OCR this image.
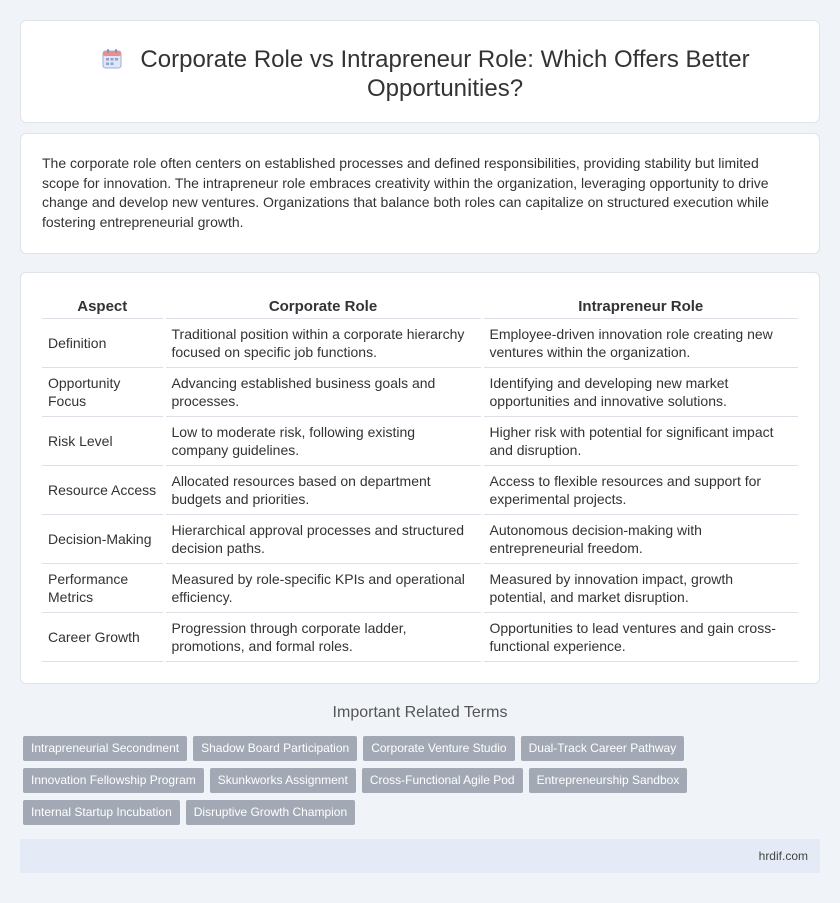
Corporate Role vs Intrapreneur Role: Which Offers Better Opportunities?

The corporate role often centers on established processes and defined responsibilities, providing stability but limited scope for innovation. The intrapreneur role embraces creativity within the organization, leveraging opportunity to drive change and develop new ventures. Organizations that balance both roles can capitalize on structured execution while fostering entrepreneurial growth.

Aspect	Corporate Role	Intrapreneur Role
Definition	Traditional position within a corporate hierarchy focused on specific job functions.	Employee-driven innovation role creating new ventures within the organization.
Opportunity Focus	Advancing established business goals and processes.	Identifying and developing new market opportunities and innovative solutions.
Risk Level	Low to moderate risk, following existing company guidelines.	Higher risk with potential for significant impact and disruption.
Resource Access	Allocated resources based on department budgets and priorities.	Access to flexible resources and support for experimental projects.
Decision-Making	Hierarchical approval processes and structured decision paths.	Autonomous decision-making with entrepreneurial freedom.
Performance Metrics	Measured by role-specific KPIs and operational efficiency.	Measured by innovation impact, growth potential, and market disruption.
Career Growth	Progression through corporate ladder, promotions, and formal roles.	Opportunities to lead ventures and gain cross-functional experience.
Important Related Terms
Intrapreneurial Secondment Shadow Board Participation Corporate Venture Studio Dual-Track Career Pathway
Innovation Fellowship Program Skunkworks Assignment Cross-Functional Agile Pod Entrepreneurship Sandbox
Internal Startup Incubation Disruptive Growth Champion
hrdif.com
